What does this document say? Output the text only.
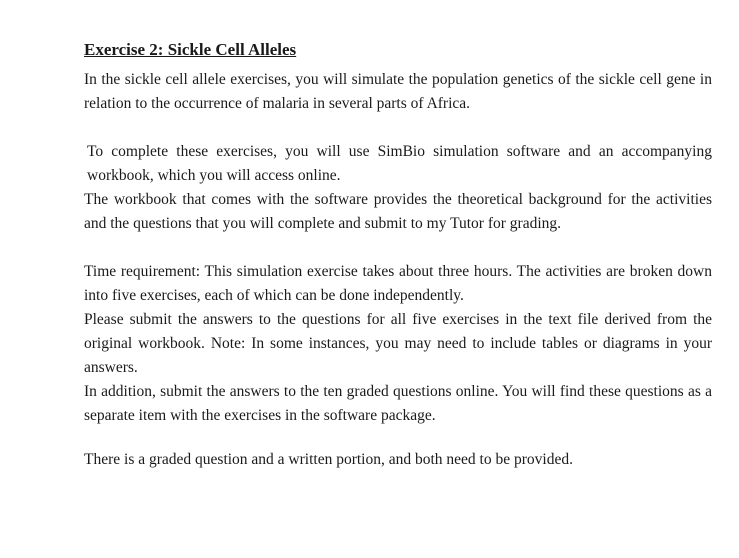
Exercise 2: Sickle Cell Alleles

In the sickle cell allele exercises, you will simulate the population genetics of the sickle cell gene in relation to the occurrence of malaria in several parts of Africa.

To complete these exercises, you will use SimBio simulation software and an accompanying workbook, which you will access online.

The workbook that comes with the software provides the theoretical background for the activities and the questions that you will complete and submit to my Tutor for grading.

Time requirement: This simulation exercise takes about three hours. The activities are broken down into five exercises, each of which can be done independently.

Please submit the answers to the questions for all five exercises in the text file derived from the original workbook. Note: In some instances, you may need to include tables or diagrams in your answers.

In addition, submit the answers to the ten graded questions online. You will find these questions as a separate item with the exercises in the software package.

There is a graded question and a written portion, and both need to be provided.
